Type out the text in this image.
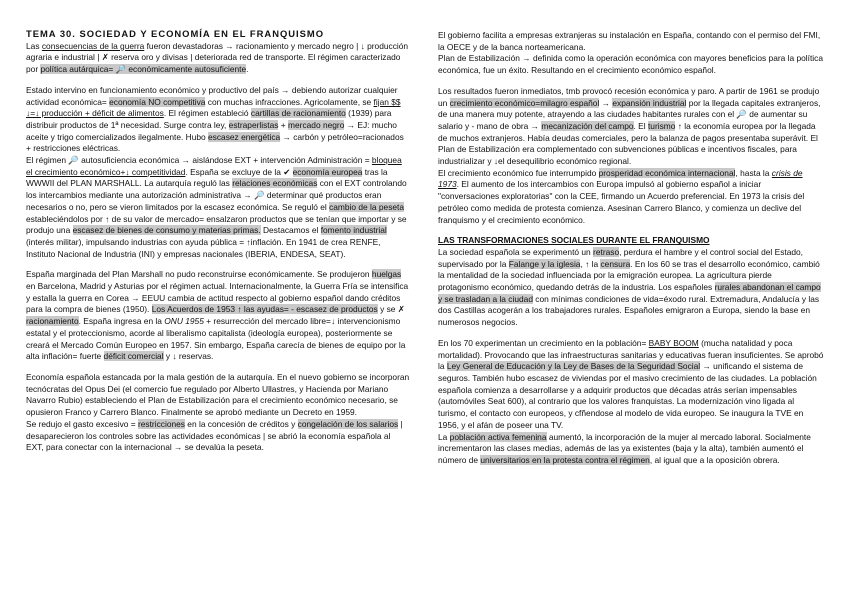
TEMA 30. SOCIEDAD Y ECONOMÍA EN EL FRANQUISMO

Las consecuencias de la guerra fueron devastadoras → racionamiento y mercado negro | ↓ producción agraria e industrial | ✗ reserva oro y divisas | deteriorada red de transporte. El régimen caracterizado por política autárquica= 🔎 económicamente autosuficiente.

Estado intervino en funcionamiento económico y productivo del país → debiendo autorizar cualquier actividad económica= economía NO competitiva con muchas infracciones. Agricolamente, se fijan $$ ↓=↓ producción + déficit de alimentos. El régimen estableció cartillas de racionamiento (1939) para distribuir productos de 1ª necesidad. Surge contra ley, estraperlistas + mercado negro → EJ: mucho aceite y trigo comercializados ilegalmente. Hubo escasez energética → carbón y petróleo=racionados + restricciones eléctricas.

El régimen 🔎 autosuficiencia económica → aislándose EXT + intervención Administración = bloquea el crecimiento económico+↓ competitividad. España se excluye de la ✔ economía europea tras la WWWII del PLAN MARSHALL. La autarquía reguló las relaciones económicas con el EXT controlando los intercambios mediante una autorización administrativa → 🔎 determinar qué productos eran necesarios o no, pero se vieron limitados por la escasez económica. Se reguló el cambio de la peseta estableciéndolos por ↑ de su valor de mercado= ensalzaron productos que se tenían que importar y se produjo una escasez de bienes de consumo y materias primas. Destacamos el fomento industrial (interés militar), impulsando industrias con ayuda pública = ↑inflación. En 1941 de crea RENFE, Instituto Nacional de Industria (INI) y empresas nacionales (IBERIA, ENDESA, SEAT).

España marginada del Plan Marshall no pudo reconstruirse económicamente. Se produjeron huelgas en Barcelona, Madrid y Asturias por el régimen actual. Internacionalmente, la Guerra Fría se intensifica y estalla la guerra en Corea → EEUU cambia de actitud respecto al gobierno español dando créditos para la compra de bienes (1950). Los Acuerdos de 1953 ↑ las ayudas= - escasez de productos y se ✗ racionamiento. España ingresa en la ONU 1955 + resurrección del mercado libre=↓ intervencionismo estatal y el proteccionismo, acorde al liberalismo capitalista (ideología europea), posteriormente se creará el Mercado Común Europeo en 1957. Sin embargo, España carecía de bienes de equipo por la alta inflación= fuerte déficit comercial y ↓ reservas.

Economía española estancada por la mala gestión de la autarquía. En el nuevo gobierno se incorporan tecnócratas del Opus Dei (el comercio fue regulado por Alberto Ullastres, y Hacienda por Mariano Navarro Rubio) estableciendo el Plan de Estabilización para el crecimiento económico necesario, se opusieron Franco y Carrero Blanco. Finalmente se aprobó mediante un Decreto en 1959.

Se redujo el gasto excesivo = restricciones en la concesión de créditos y congelación de los salarios | desaparecieron los controles sobre las actividades económicas | se abrió la economía española al EXT, para conectar con la internacional → se devalúa la peseta.

El gobierno facilita a empresas extranjeras su instalación en España, contando con el permiso del FMI, la OECE y de la banca norteamericana.

Plan de Estabilización → definida como la operación económica con mayores beneficios para la política económica, fue un éxito. Resultando en el crecimiento económico español.

Los resultados fueron inmediatos, tmb provocó recesión económica y paro. A partir de 1961 se produjo un crecimiento económico=milagro español → expansión industrial por la llegada capitales extranjeros, de una manera muy potente, atrayendo a las ciudades habitantes rurales con el 🔎 de aumentar su salario y - mano de obra → mecanización del campo. El turismo ↑ la economía europea por la llegada de muchos extranjeros. Había deudas comerciales, pero la balanza de pagos presentaba superávit. El Plan de Estabilización era complementado con subvenciones públicas e incentivos fiscales, para industrializar y ↓el desequilibrio económico regional.

El crecimiento económico fue interrumpido prosperidad económica internacional, hasta la crisis de 1973. El aumento de los intercambios con Europa impulsó al gobierno español a iniciar "conversaciones exploratorias" con la CEE, firmando un Acuerdo preferencial. En 1973 la crisis del petróleo como medida de protesta comienza. Asesinan Carrero Blanco, y comienza un declive del franquismo y el crecimiento económico.

LAS TRANSFORMACIONES SOCIALES DURANTE EL FRANQUISMO

La sociedad española se experimentó un retraso, perdura el hambre y el control social del Estado, supervisado por la Falange y la iglesia, ↑ la censura. En los 60 se tras el desarrollo económico, cambió la mentalidad de la sociedad influenciada por la emigración europea. La agricultura pierde protagonismo económico, quedando detrás de la industria. Los españoles rurales abandonan el campo y se trasladan a la ciudad con mínimas condiciones de vida=éxodo rural. Extremadura, Andalucía y las dos Castillas acogerán a los trabajadores rurales. Españoles emigraron a Europa, siendo la base en numerosos negocios.

En los 70 experimentan un crecimiento en la población= BABY BOOM (mucha natalidad y poca mortalidad). Provocando que las infraestructuras sanitarias y educativas fueran insuficientes. Se aprobó la Ley General de Educación y la Ley de Bases de la Seguridad Social → unificando el sistema de seguros. También hubo escasez de viviendas por el masivo crecimiento de las ciudades. La población española comienza a desarrollarse y a adquirir productos que décadas atrás serían impensables (automóviles Seat 600), al contrario que los valores franquistas. La modernización vino ligada al turismo, el contacto con europeos, y cfñendose al modelo de vida europeo. Se inaugura la TVE en 1956, y el afán de poseer una TV.

La población activa femenina aumentó, la incorporación de la mujer al mercado laboral. Socialmente incrementaron las clases medias, además de las ya existentes (baja y la alta), también aumentó el número de universitarios en la protesta contra el régimen, al igual que a la oposición obrera.
